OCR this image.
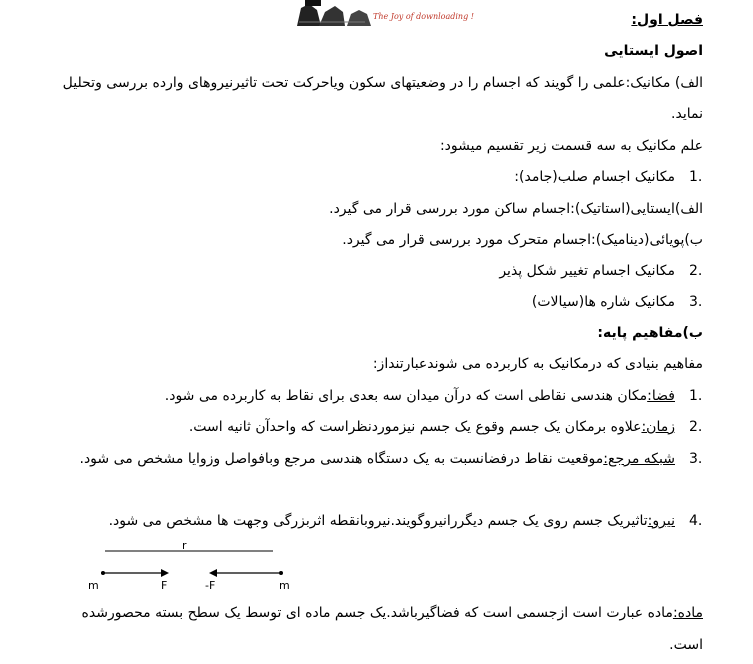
The Joy of downloading !	فصل اول:
اصول ایستایی
الف) مکانیک:علمی را گویند که اجسام را در وضعیتهای سکون ویاحرکت تحت تاثیرنیروهای وارده بررسی وتحلیل
نماید.
علم مکانیک به سه قسمت زیر تقسیم میشود:
1.
مکانیک اجسام صلب(جامد):
الف)ایستایی(استاتیک):اجسام ساکن مورد بررسی قرار می گیرد.
ب)پویائی(دینامیک):اجسام متحرک مورد بررسی قرار می گیرد.
2.
مکانیک اجسام تغییر شکل پذیر
3.
مکانیک شاره ها(سیالات)
ب)مفاهیم پایه:
مفاهیم بنیادی که درمکانیک به کاربرده می شوندعبارتنداز:
1.
فضا:مکان هندسی نقاطی است که درآن میدان سه بعدی برای نقاط به کاربرده می شود.
2.
زمان:علاوه برمکان یک جسم وقوع یک جسم نیزموردنظراست که واحدآن ثانیه است.
3.
شبکه مرجع:موقعیت نقاط درفضانسبت به یک دستگاه هندسی مرجع وبافواصل وزوایا مشخص می شود.
4.
نیرو:تاثیریک جسم روی یک جسم دیگررانیروگویند.نیروبانقطه اثربزرگی وجهت ها مشخص می شود.
r
m	F	-F	m
ماده:ماده عبارت است ازجسمی است که فضاگیرباشد.یک جسم ماده ای توسط یک سطح بسته محصورشده
است.
